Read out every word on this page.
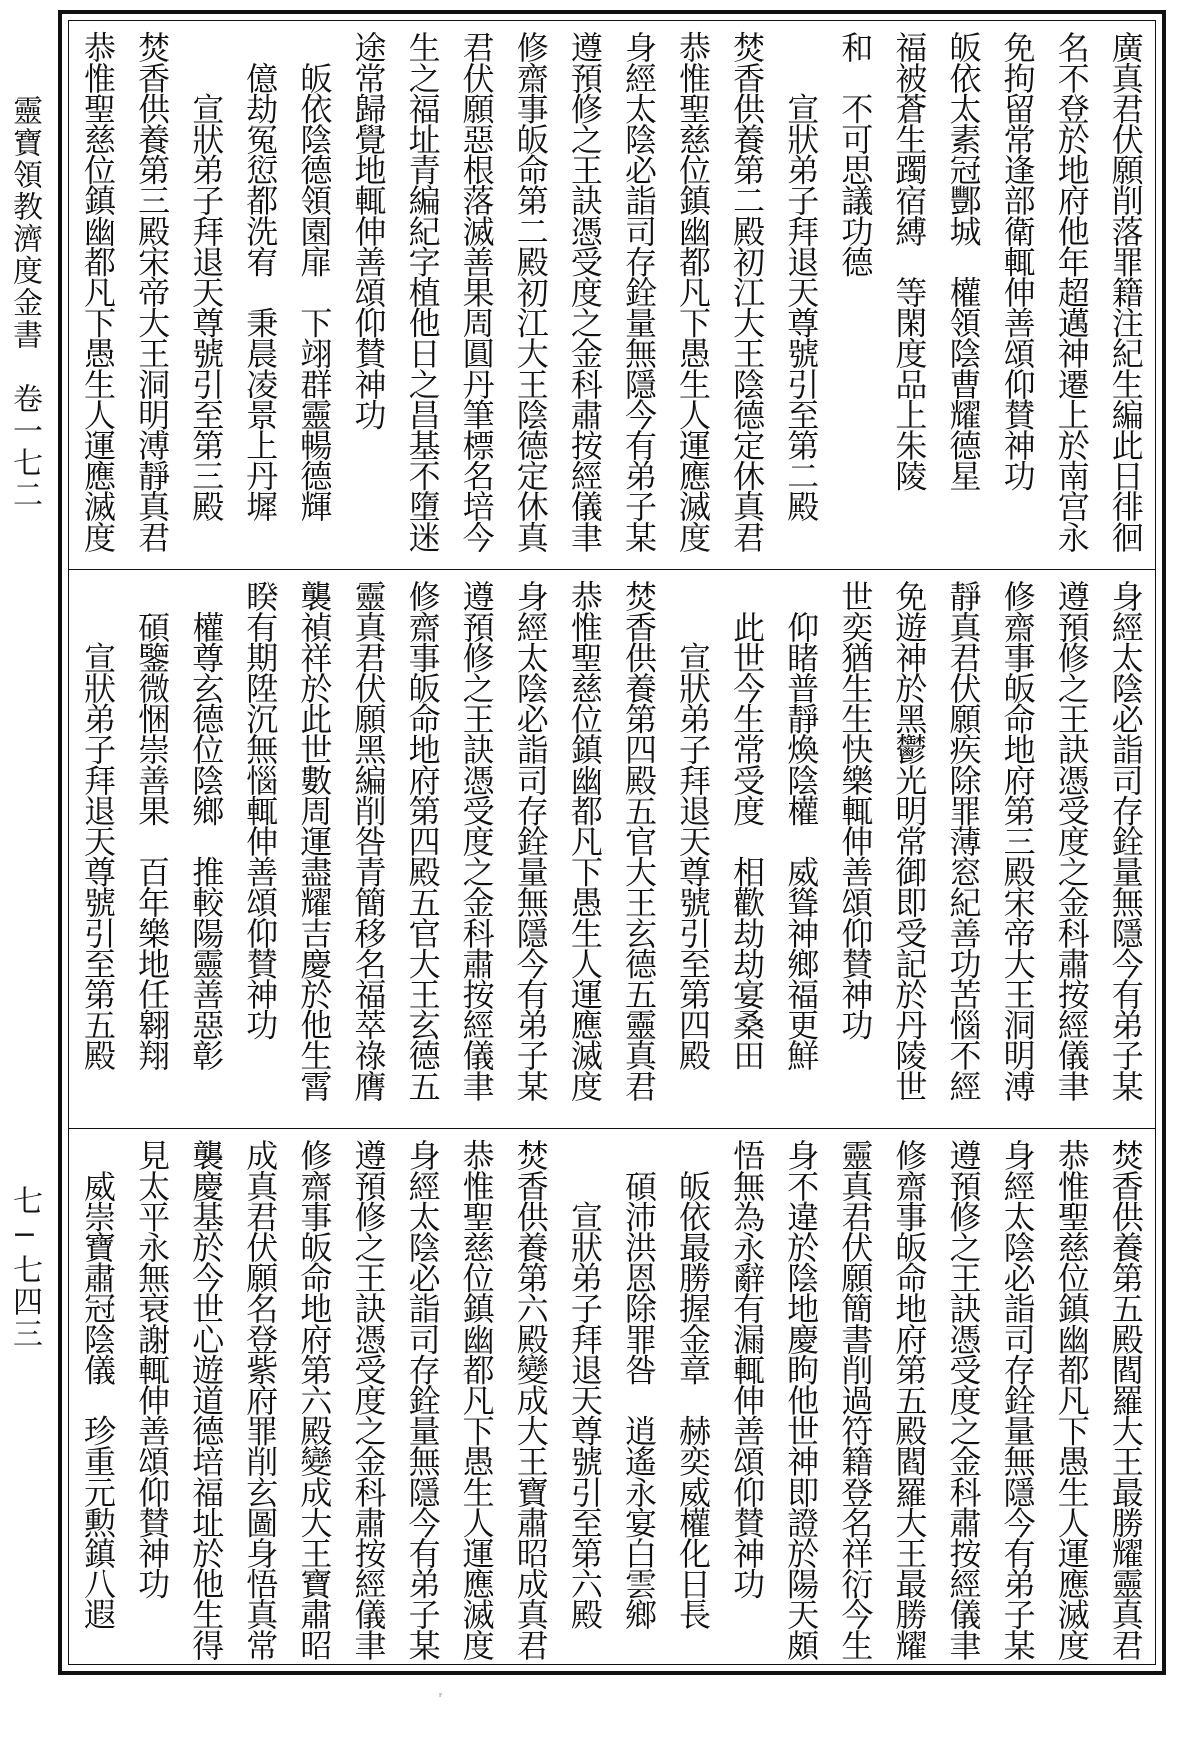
靈寶領教濟度金書　卷一七二
七−七四三
廣真君伏願削落罪籍注紀生編此日徘徊
名不登於地府他年超邁神遷上於南宫永
免拘留常逢部衛輒伸善頌仰賛神功
皈依太素冠酆城　權領陰曹耀德星
福被蒼生躅宿縛　等閑度品上朱陵
和　不可思議功德
　　宣狀弟子拜退天尊號引至第二殿
焚香供養第二殿初江大王陰德定休真君
恭惟聖慈位鎮幽都凡下愚生人運應滅度
身經太陰必詣司存銓量無隱今有弟子某
遵預修之王訣憑受度之金科肅按經儀聿
修齋事皈命第二殿初江大王陰德定休真
君伏願惡根落滅善果周圓丹筆標名培今
生之福址青編紀字植他日之昌基不墮迷
途常歸覺地輒伸善頌仰賛神功
　皈依陰德領園扉　下翊群靈暢德輝
　億劫冤愆都洗宥　秉晨凌景上丹墀
　　宣狀弟子拜退天尊號引至第三殿
焚香供養第三殿宋帝大王洞明溥靜真君
恭惟聖慈位鎮幽都凡下愚生人運應滅度
身經太陰必詣司存銓量無隱今有弟子某
遵預修之王訣憑受度之金科肅按經儀聿
修齋事皈命地府第三殿宋帝大王洞明溥
靜真君伏願疾除罪薄窓紀善功苦惱不經
免遊神於黑鬱光明常御即受記於丹陵世
世奕猶生生快樂輒伸善頌仰賛神功
　仰睹普靜煥陰權　威聳神鄉福更鮮
　此世今生常受度　相歡劫劫宴桑田
　　宣狀弟子拜退天尊號引至第四殿
焚香供養第四殿五官大王玄德五靈真君
恭惟聖慈位鎮幽都凡下愚生人運應滅度
身經太陰必詣司存銓量無隱今有弟子某
遵預修之王訣憑受度之金科肅按經儀聿
修齋事皈命地府第四殿五官大王玄德五
靈真君伏願黑編削咎青簡移名福萃祿膺
襲禎祥於此世數周運盡耀吉慶於他生霄
睽有期陞沉無惱輒伸善頌仰賛神功
　權尊玄德位陰鄉　推較陽靈善惡彰
　碩鑒微悃崇善果　百年樂地任翱翔
　　宣狀弟子拜退天尊號引至第五殿
焚香供養第五殿閻羅大王最勝耀靈真君
恭惟聖慈位鎮幽都凡下愚生人運應滅度
身經太陰必詣司存銓量無隱今有弟子某
遵預修之王訣憑受度之金科肅按經儀聿
修齋事皈命地府第五殿閻羅大王最勝耀
靈真君伏願簡書削過符籍登名祥衍今生
身不違於陰地慶眗他世神即證於陽天頗
悟無為永辭有漏輒伸善頌仰賛神功
　皈依最勝握金章　赫奕威權化日長
　碩沛洪恩除罪咎　逍遙永宴白雲鄉
　　宣狀弟子拜退天尊號引至第六殿
焚香供養第六殿變成大王寶肅昭成真君
恭惟聖慈位鎮幽都凡下愚生人運應滅度
身經太陰必詣司存銓量無隱今有弟子某
遵預修之王訣憑受度之金科肅按經儀聿
修齋事皈命地府第六殿變成大王寶肅昭
成真君伏願名登紫府罪削玄圖身悟真常
襲慶基於今世心遊道德培福址於他生得
見太平永無衰謝輒伸善頌仰賛神功
　威崇寶肅冠陰儀　珍重元勲鎮八遐
ʳ
